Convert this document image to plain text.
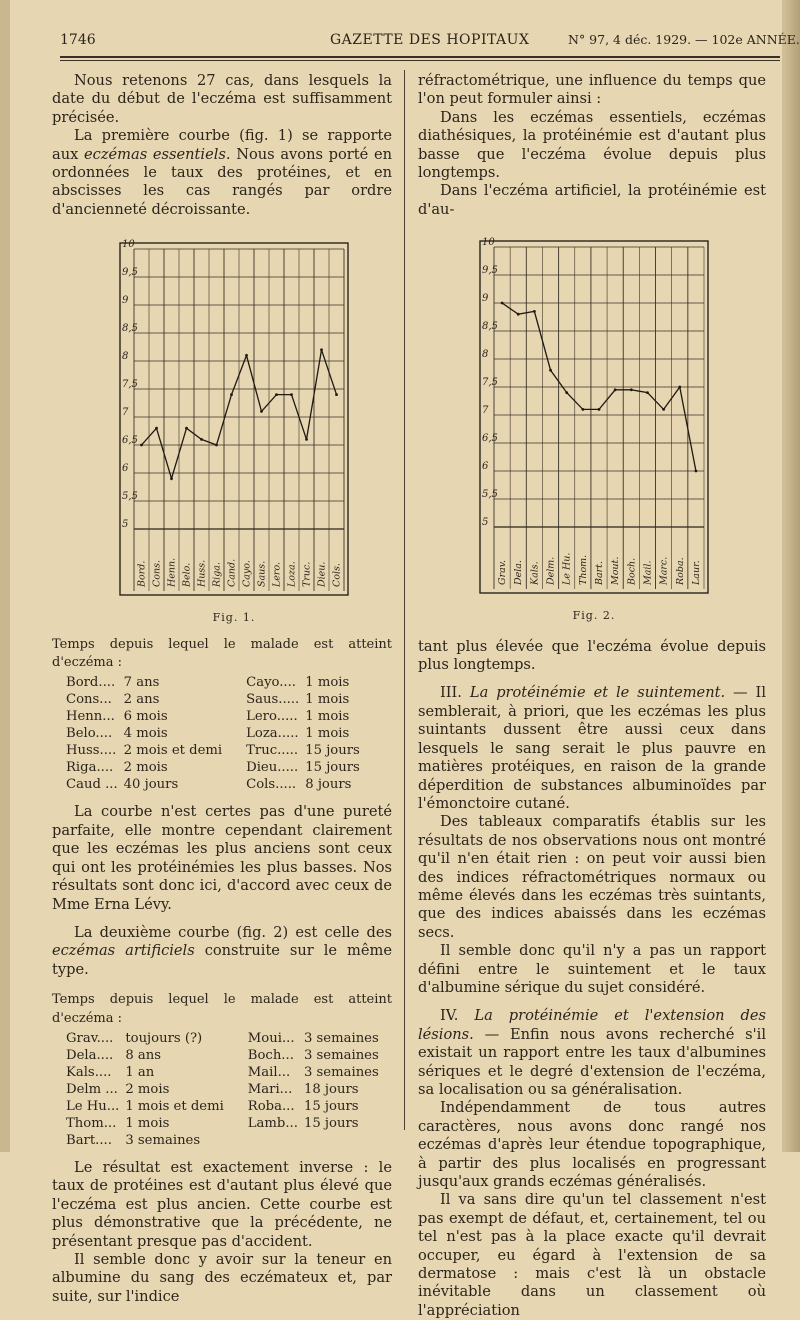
1746	GAZETTE DES HOPITAUX	N° 97, 4 déc. 1929. — 102e ANNÉE.

Nous retenons 27 cas, dans lesquels la date du début de l'eczéma est suffisamment précisée.

La première courbe (fig. 1) se rapporte aux eczémas essentiels. Nous avons porté en ordonnées le taux des protéines, et en abscisses les cas rangés par ordre d'ancienneté décroissante.

10
9,5
9
8,5
8
7,5
7
6,5
6
5,5
5
Bord. Cons. Henn. Belo. Huss. Riga. Cand. Cayo. Saus. Lero. Loza. Truc. Dieu. Cols.
Fig. 1.

Temps depuis lequel le malade est atteint d'eczéma :

Bord....	7 ans	Cayo....	1 mois
Cons...	2 ans	Saus.....	1 mois
Henn...	6 mois	Lero.....	1 mois
Belo....	4 mois	Loza.....	1 mois
Huss....	2 mois et demi	Truc.....	15 jours
Riga....	2 mois	Dieu.....	15 jours
Caud ...	40 jours	Cols.....	8 jours

La courbe n'est certes pas d'une pureté parfaite, elle montre cependant clairement que les eczémas les plus anciens sont ceux qui ont les protéinémies les plus basses. Nos résultats sont donc ici, d'accord avec ceux de Mme Erna Lévy.

La deuxième courbe (fig. 2) est celle des eczémas artificiels construite sur le même type.

Temps depuis lequel le malade est atteint d'eczéma :

Grav....	toujours (?)	Moui...	3 semaines
Dela....	8 ans	Boch...	3 semaines
Kals....	1 an	Mail...	3 semaines
Delm ...	2 mois	Mari...	18 jours
Le Hu...	1 mois et demi	Roba...	15 jours
Thom...	1 mois	Lamb...	15 jours
Bart....	3 semaines		

Le résultat est exactement inverse : le taux de protéines est d'autant plus élevé que l'eczéma est plus ancien. Cette courbe est plus démonstrative que la précédente, ne présentant presque pas d'accident.

Il semble donc y avoir sur la teneur en albumine du sang des eczémateux et, par suite, sur l'indice

réfractométrique, une influence du temps que l'on peut formuler ainsi :

Dans les eczémas essentiels, eczémas diathésiques, la protéinémie est d'autant plus basse que l'eczéma évolue depuis plus longtemps.

Dans l'eczéma artificiel, la protéinémie est d'au-

10
9,5
9
8,5
8
7,5
7
6,5
6
5,5
5
Grav. Dela. Kals. Delm. Le Hu. Thom. Bart. Mout. Boch. Mail. Marc. Roba. Laur.
Fig. 2.

tant plus élevée que l'eczéma évolue depuis plus longtemps.

III. La protéinémie et le suintement. — Il semblerait, à priori, que les eczémas les plus suintants dussent être aussi ceux dans lesquels le sang serait le plus pauvre en matières protéiques, en raison de la grande déperdition de substances albuminoïdes par l'émonctoire cutané.

Des tableaux comparatifs établis sur les résultats de nos observations nous ont montré qu'il n'en était rien : on peut voir aussi bien des indices réfractométriques normaux ou même élevés dans les eczémas très suintants, que des indices abaissés dans les eczémas secs.

Il semble donc qu'il n'y a pas un rapport défini entre le suintement et le taux d'albumine sérique du sujet considéré.

IV. La protéinémie et l'extension des lésions. — Enfin nous avons recherché s'il existait un rapport entre les taux d'albumines sériques et le degré d'extension de l'eczéma, sa localisation ou sa généralisation.

Indépendamment de tous autres caractères, nous avons donc rangé nos eczémas d'après leur étendue topographique, à partir des plus localisés en progressant jusqu'aux grands eczémas généralisés.

Il va sans dire qu'un tel classement n'est pas exempt de défaut, et, certainement, tel ou tel n'est pas à la place exacte qu'il devrait occuper, eu égard à l'extension de sa dermatose : mais c'est là un obstacle inévitable dans un classement où l'appréciation
